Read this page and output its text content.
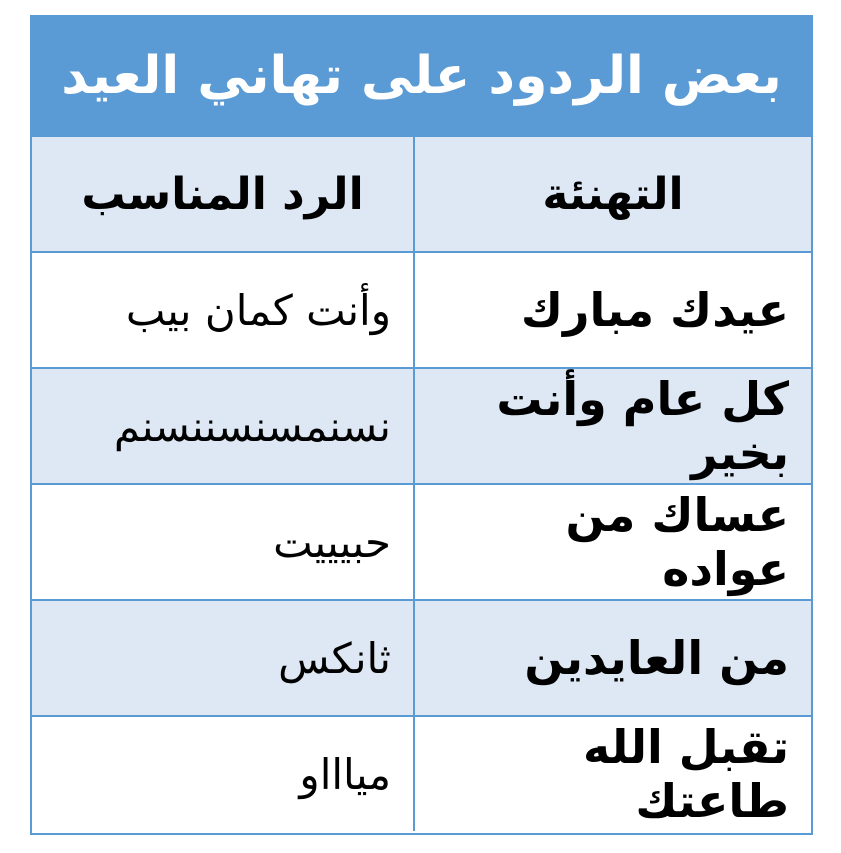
بعض الردود على تهاني العيد
التهنئة
الرد المناسب
عيدك مبارك
وأنت كمان بيب
كل عام وأنت بخير
نسنمسنسننسنم
عساك من عواده
حبيييت
من العايدين
ثانكس
تقبل الله طاعتك
مياااو
